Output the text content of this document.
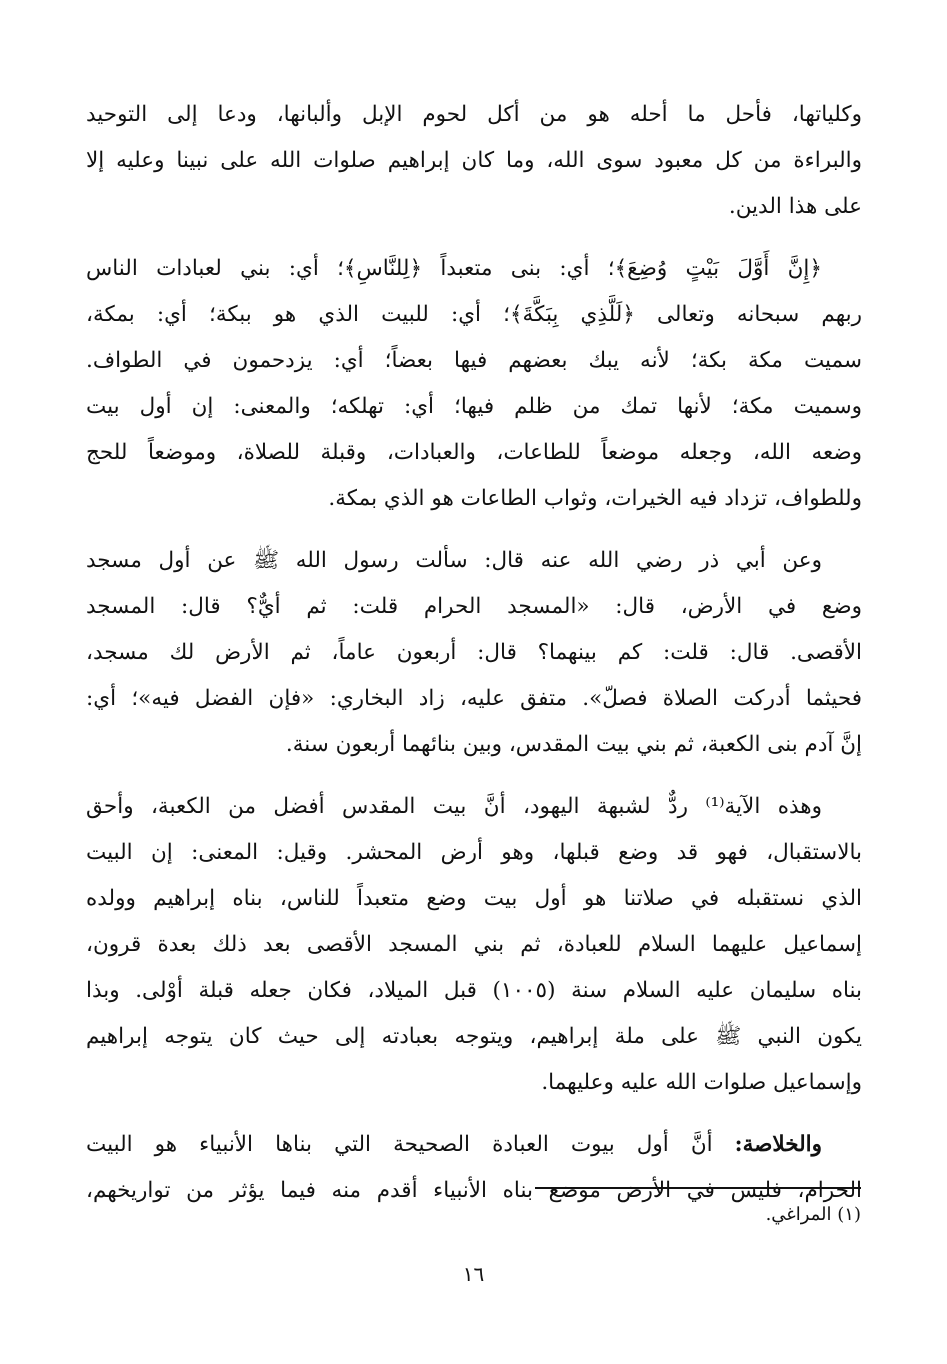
وكلياتها، فأحل ما أحله هو من أكل لحوم الإبل وألبانها، ودعا إلى التوحيد
والبراءة من كل معبود سوى الله، وما كان إبراهيم صلوات الله على نبينا وعليه إلا
على هذا الدين.

﴿إِنَّ أَوَّلَ بَيْتٍ وُضِعَ﴾؛ أي: بنى متعبداً ﴿لِلنَّاسِ﴾؛ أي: بني لعبادات الناس
ربهم سبحانه وتعالى ﴿لَلَّذِي بِبَكَّةَ﴾؛ أي: للبيت الذي هو ببكة؛ أي: بمكة،
سميت مكة بكة؛ لأنه يبك بعضهم فيها بعضاً؛ أي: يزدحمون في الطواف.
وسميت مكة؛ لأنها تمك من ظلم فيها؛ أي: تهلكه؛ والمعنى: إن أول بيت
وضعه الله، وجعله موضعاً للطاعات، والعبادات، وقبلة للصلاة، وموضعاً للحج
وللطواف، تزداد فيه الخيرات، وثواب الطاعات هو الذي بمكة.

وعن أبي ذر رضي الله عنه قال: سألت رسول الله ﷺ عن أول مسجد
وضع في الأرض، قال: «المسجد الحرام قلت: ثم أيٌّ؟ قال: المسجد
الأقصى. قال: قلت: كم بينهما؟ قال: أربعون عاماً، ثم الأرض لك مسجد،
فحيثما أدركت الصلاة فصلّ». متفق عليه، زاد البخاري: «فإن الفضل فيه»؛ أي:
إنَّ آدم بنى الكعبة، ثم بني بيت المقدس، وبين بنائهما أربعون سنة.

وهذه الآية⁽¹⁾ ردٌّ لشبهة اليهود، أنَّ بيت المقدس أفضل من الكعبة، وأحق
بالاستقبال، فهو قد وضع قبلها، وهو أرض المحشر. وقيل: المعنى: إن البيت
الذي نستقبله في صلاتنا هو أول بيت وضع متعبداً للناس، بناه إبراهيم وولده
إسماعيل عليهما السلام للعبادة، ثم بني المسجد الأقصى بعد ذلك بعدة قرون،
بناه سليمان عليه السلام سنة (١٠٠٥) قبل الميلاد، فكان جعله قبلة أوْلى. وبذا
يكون النبي ﷺ على ملة إبراهيم، ويتوجه بعبادته إلى حيث كان يتوجه إبراهيم
وإسماعيل صلوات الله عليه وعليهما.

والخلاصة: أنَّ أول بيوت العبادة الصحيحة التي بناها الأنبياء هو البيت
الحرام، فليس في الأرض موضع بناه الأنبياء أقدم منه فيما يؤثر من تواريخهم،

(١) المراغي.
١٦
